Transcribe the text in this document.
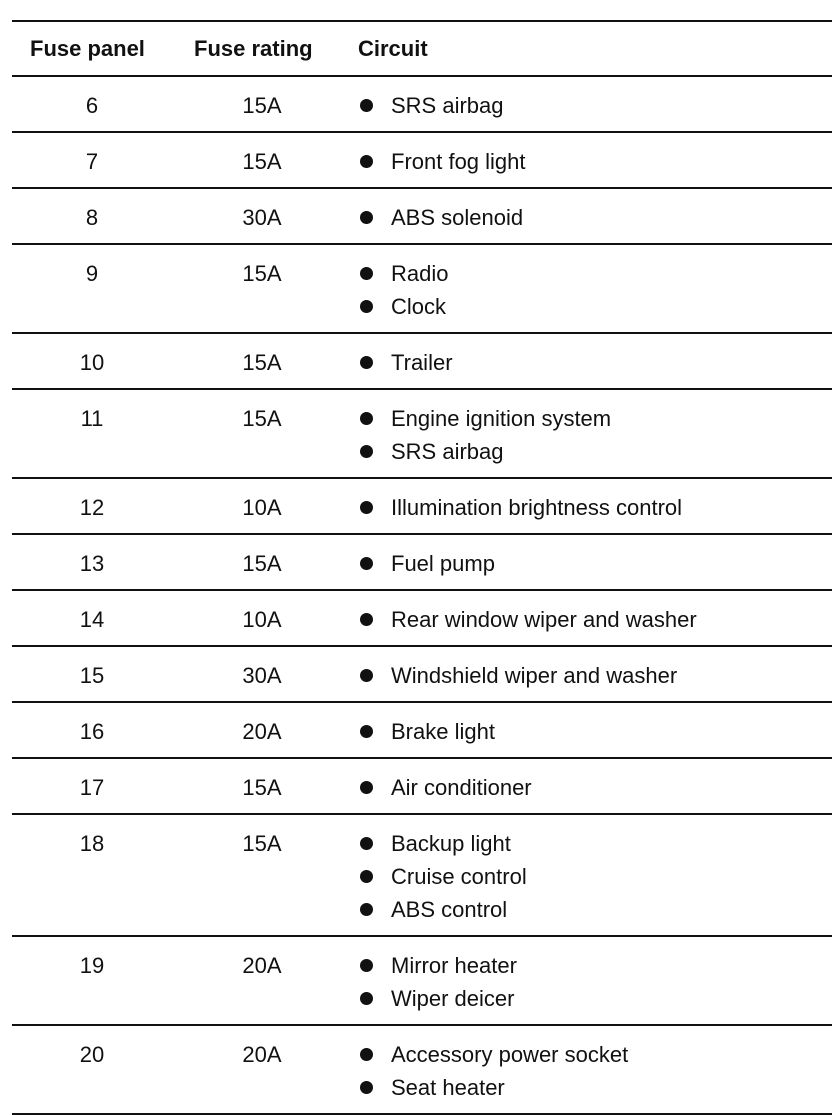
Fuse panel	Fuse rating	Circuit
6	15A	SRS airbag
7	15A	Front fog light
8	30A	ABS solenoid
9	15A	Radio
Clock
10	15A	Trailer
11	15A	Engine ignition system
SRS airbag
12	10A	Illumination brightness control
13	15A	Fuel pump
14	10A	Rear window wiper and washer
15	30A	Windshield wiper and washer
16	20A	Brake light
17	15A	Air conditioner
18	15A	Backup light
Cruise control
ABS control
19	20A	Mirror heater
Wiper deicer
20	20A	Accessory power socket
Seat heater
